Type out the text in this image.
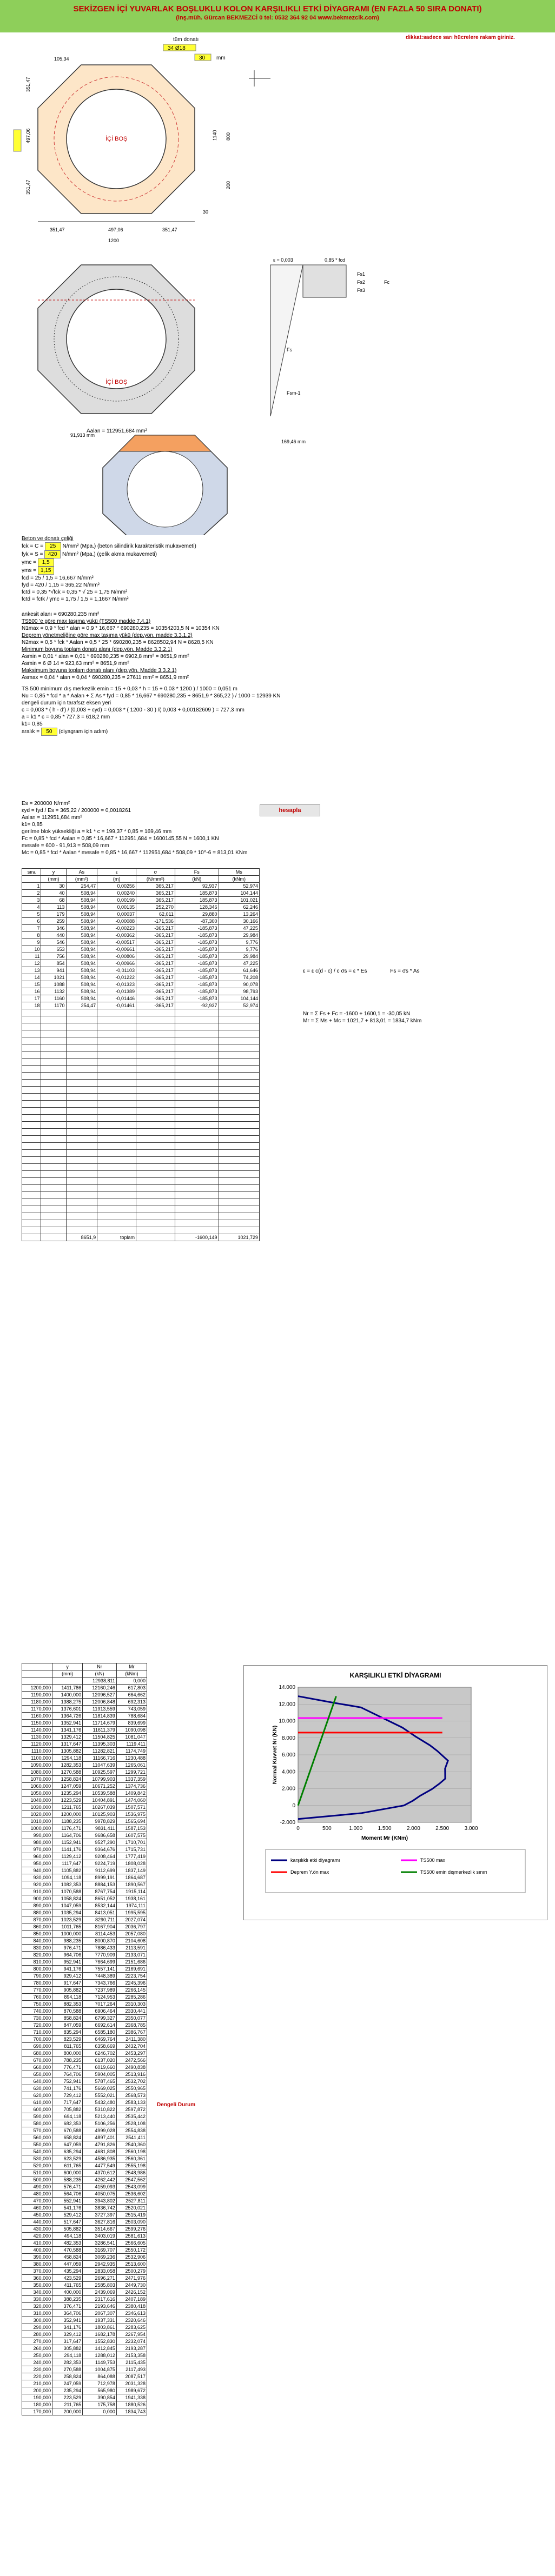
SEKİZGEN İÇİ YUVARLAK BOŞLUKLU KOLON KARŞILIKLI ETKİ DİYAGRAMI (EN FAZLA 50 SIRA DONATI)
(inş.müh. Gürcan BEKMEZCİ 0 tel: 0532 364 92 04 www.bekmezcik.com)
dikkat:sadece sarı hücrelere rakam giriniz.
tüm donatı
34 Ø18
30 mm
İÇİ BOŞ
351,47	497,06	351,47
1200
105,34
351,47
497,06
351,47
1140 800
200
30
İÇİ BOŞ
ε = 0,003	0,85 * fcd
Fs1
Fs2
Fs3
Fc
Fs
Fsm-1
Aalan = 112951,684 mm²
91,913 mm
169,46 mm
Beton ve donatı çeliği
fck = C = 25 N/mm² (Mpa.) (beton silindirik karakteristik mukavemeti)
fyk = S = 420 N/mm² (Mpa.) (çelik akma mukavemeti)
γmc = 1,5
γms = 1,15
fcd = 25 / 1,5 = 16,667 N/mm²
fyd = 420 / 1,15 = 365,22 N/mm²
fctd = 0,35 *√fck = 0,35 * √ 25 = 1,75 N/mm²
fctd = fctk / γmc = 1,75 / 1,5 = 1,1667 N/mm²
ankesit alanı = 690280,235 mm²
TS500 'e göre max taşıma yükü (TS500 madde 7.4.1)
N1max = 0,9 * fcd * alan = 0,9 * 16,667 * 690280,235 = 10354203,5 N = 10354 KN
Deprem yönetmeliğine göre max taşıma yükü (dep.yön. madde 3.3.1.2)
N2max = 0,5 * fck * Aalan = 0,5 * 25 * 690280,235 = 8628502,94 N = 8628,5 KN
Minimum boyuna toplam donatı alanı (dep.yön. Madde 3.3.2.1)
Asmin = 0,01 * alan = 0,01 * 690280,235 = 6902,8 mm² = 8651,9 mm²
Asmin = 6 Ø 14 = 923,63 mm² = 8651,9 mm²
Maksimum boyuna toplam donatı alanı (dep.yön. Madde 3.3.2.1)
Asmax = 0,04 * alan = 0,04 * 690280,235 = 27611 mm² = 8651,9 mm²
TS 500 minimum dış merkezlik emin = 15 + 0,03 * h = 15 + 0,03 * 1200 ) / 1000 = 0,051 m
Nu = 0,85 * fcd * a * Aalan + Σ As * fyd = 0,85 * 16,667 * 690280,235 + 8651,9 * 365,22 ) / 1000 = 12939 KN
dengeli durum için tarafsız eksen yeri
c = 0,003 * ( h - d') / (0,003 + εyd) = 0,003 * ( 1200 - 30 ) /( 0,003 + 0,00182609 ) = 727,3 mm
a = k1 * c = 0,85 * 727,3 = 618,2 mm
k1= 0,85
aralık = 50 (diyagram için adım)
Es = 200000 N/mm²
εyd = fyd / Es = 365,22 / 200000 = 0,0018261
Aalan = 112951,684 mm²
k1= 0,85
gerilme blok yüksekliği a = k1 * c = 199,37 * 0,85 = 169,46 mm
Fc = 0,85 * fcd * Aalan = 0,85 * 16,667 * 112951,684 = 1600145,55 N = 1600,1 KN
mesafe = 600 - 91,913 = 508,09 mm
Mc = 0,85 * fcd * Aalan * mesafe = 0,85 * 16,667 * 112951,684 * 508,09 * 10^-6 = 813,01 KNm
hesapla
sıra	y	As	ε	σ	Fs	Ms
	(mm)	(mm²)	(m)	(N/mm²)	(kN)	(kNm)
1	30	254,47	0,00256	365,217	92,937	52,974
2	40	508,94	0,00240	365,217	185,873	104,144
3	68	508,94	0,00199	365,217	185,873	101,021
4	113	508,94	0,00135	252,270	128,346	62,246
5	179	508,94	0,00037	62,011	29,880	13,264
6	259	508,94	-0,00088	-171,536	-87,300	30,166
7	346	508,94	-0,00223	-365,217	-185,873	47,225
8	440	508,94	-0,00362	-365,217	-185,873	29,984
9	546	508,94	-0,00517	-365,217	-185,873	9,776
10	653	508,94	-0,00661	-365,217	-185,873	9,776
11	756	508,94	-0,00806	-365,217	-185,873	29,984
12	854	508,94	-0,00966	-365,217	-185,873	47,225
13	941	508,94	-0,01103	-365,217	-185,873	61,646
14	1021	508,94	-0,01222	-365,217	-185,873	74,208
15	1088	508,94	-0,01323	-365,217	-185,873	90,078
16	1132	508,94	-0,01389	-365,217	-185,873	98,793
17	1160	508,94	-0,01446	-365,217	-185,873	104,144
18	1170	254,47	-0,01461	-365,217	-92,937	52,974

		8651,9	toplam		-1600,149	1021,729
ε = ε c(d - c) / c σs = ε * Es	Fs = σs * As
Nr = Σ Fs + Fc = -1600 + 1600,1 = -30,05 kN
Mr = Σ Ms + Mc = 1021,7 + 813,01 = 1834,7 kNm
	y	Nr	Mr
	(mm)	(kN)	(kNm)
		12938,811	0,000
1200,000	1411,786	12160,246	617,803
1190,000	1400,000	12096,527	664,662
1180,000	1388,275	12006,848	692,313
1170,000	1376,601	11913,559	743,059
1160,000	1364,726	11814,839	788,684
1150,000	1352,941	11714,679	839,699
1140,000	1341,176	11611,379	1090,098
1130,000	1329,412	11504,825	1081,047
1120,000	1317,647	11395,303	1119,411
1110,000	1305,882	11282,821	1174,749
1100,000	1294,118	11166,716	1230,488
1090,000	1282,353	11047,639	1265,061
1080,000	1270,588	10925,597	1299,721
1070,000	1258,824	10799,903	1337,359
1060,000	1247,059	10671,252	1374,736
1050,000	1235,294	10539,588	1409,842
1040,000	1223,529	10404,891	1474,060
1030,000	1211,765	10267,039	1507,571
1020,000	1200,000	10125,903	1536,975
1010,000	1188,235	9978,829	1565,694
1000,000	1176,471	9831,411	1587,153
990,000	1164,706	9686,658	1607,575
980,000	1152,941	9527,290	1710,701
970,000	1141,176	9364,676	1715,731
960,000	1129,412	9208,464	1777,419
950,000	1117,647	9224,719	1808,028
940,000	1105,882	9112,699	1837,149
930,000	1094,118	8999,191	1864,687
920,000	1082,353	8884,153	1890,567
910,000	1070,588	8767,754	1915,114
900,000	1058,824	8651,052	1938,161
890,000	1047,059	8532,144	1974,111
880,000	1035,294	8413,051	1995,595
870,000	1023,529	8290,711	2027,074
860,000	1011,765	8167,904	2036,797
850,000	1000,000	8114,453	2057,080
840,000	988,235	8000,870	2104,608
830,000	976,471	7886,433	2113,591
820,000	964,706	7770,909	2133,071
810,000	952,941	7664,699	2151,686
800,000	941,176	7557,141	2169,691
790,000	929,412	7448,389	2223,754
780,000	917,647	7343,766	2245,396
770,000	905,882	7237,989	2266,145
760,000	894,118	7124,953	2285,286
750,000	882,353	7017,264	2310,303
740,000	870,588	6906,464	2330,441
730,000	858,824	6799,327	2350,077
720,000	847,059	6692,614	2368,785
710,000	835,294	6585,180	2386,767
700,000	823,529	6469,764	2411,380
690,000	811,765	6358,669	2432,704
680,000	800,000	6246,702	2453,297
670,000	788,235	6137,020	2472,566
660,000	776,471	6019,660	2490,838
650,000	764,706	5904,005	2513,916
640,000	752,941	5787,465	2532,702
630,000	741,176	5669,025	2550,965
620,000	729,412	5552,021	2568,573
610,000	717,647	5432,480	2583,133
600,000	705,882	5310,822	2597,872
590,000	694,118	5213,440	2535,442
580,000	682,353	5106,256	2528,108
570,000	670,588	4999,028	2554,838
560,000	658,824	4897,401	2541,411
550,000	647,059	4791,826	2540,360
540,000	635,294	4681,808	2560,198
530,000	623,529	4586,935	2560,361
520,000	611,765	4477,549	2555,198
510,000	600,000	4370,612	2548,986
500,000	588,235	4262,442	2547,562
490,000	576,471	4159,093	2543,099
480,000	564,706	4050,075	2536,602
470,000	552,941	3943,802	2527,811
460,000	541,176	3836,742	2520,021
450,000	529,412	3727,397	2515,419
440,000	517,647	3627,816	2503,090
430,000	505,882	3514,667	2599,276
420,000	494,118	3403,019	2581,613
410,000	482,353	3286,541	2566,605
400,000	470,588	3169,707	2550,172
390,000	458,824	3069,236	2532,906
380,000	447,059	2942,935	2513,600
370,000	435,294	2833,058	2500,279
360,000	423,529	2696,271	2471,976
350,000	411,765	2585,803	2449,730
340,000	400,000	2439,069	2426,152
330,000	388,235	2317,616	2407,189
320,000	376,471	2193,646	2380,418
310,000	364,706	2067,307	2346,613
300,000	352,941	1937,331	2320,646
290,000	341,176	1803,861	2283,625
280,000	329,412	1682,178	2267,954
270,000	317,647	1552,830	2232,074
260,000	305,882	1412,845	2193,287
250,000	294,118	1288,012	2153,358
240,000	282,353	1149,753	2115,435
230,000	270,588	1004,875	2117,493
220,000	258,824	864,088	2087,517
210,000	247,059	712,978	2031,328
200,000	235,294	565,980	1989,672
190,000	223,529	390,854	1941,338
180,000	211,765	175,758	1880,526
170,000	200,000	0,000	1834,743
Dengeli Durum
KARŞILIKLI ETKİ DİYAGRAMI
-2.000
0
2.000
4.000
6.000
8.000
10.000
12.000
14.000
0	500	1.000	1.500	2.000	2.500	3.000
Moment Mr (KNm)
Normal Kuvvet Nr (KN)
karşılıklı etki diyagramı	TS500 max
Deprem Y.ön max	TS500 emin dışmerkezlik sınırı
